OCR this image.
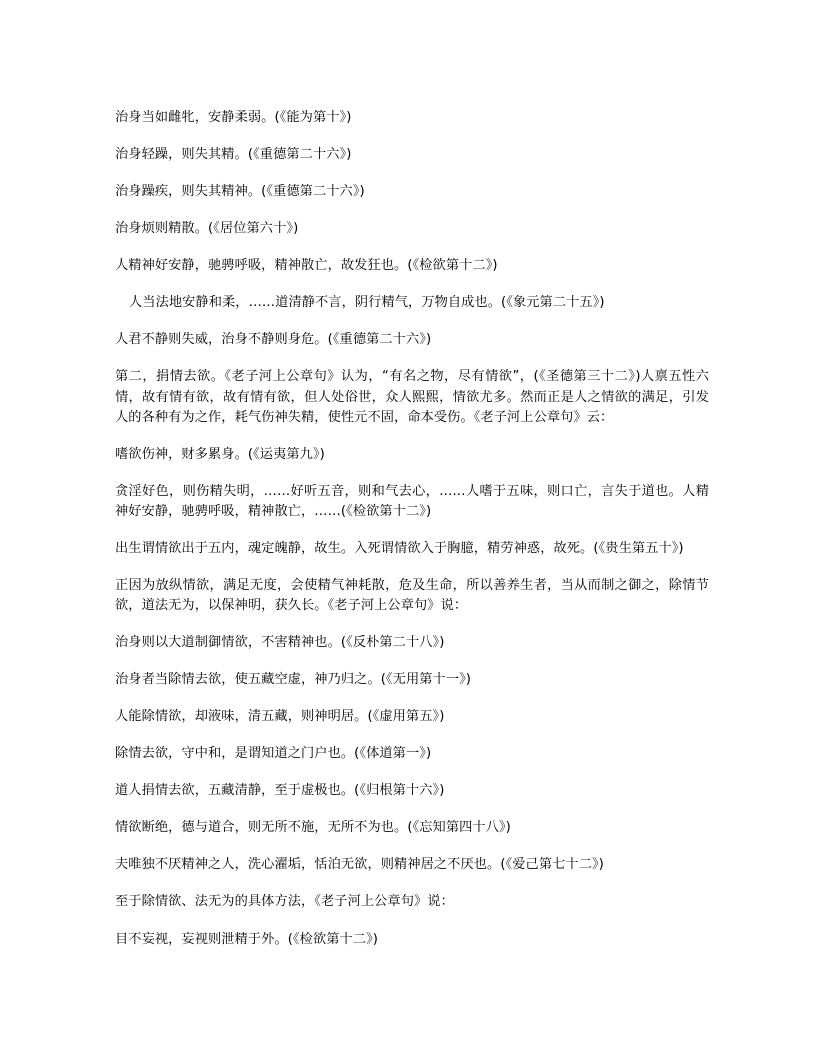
治身当如雌牝，安静柔弱。(《能为第十》)

治身轻躁，则失其精。(《重德第二十六》)

治身躁疾，则失其精神。(《重德第二十六》)

治身烦则精散。(《居位第六十》)

人精神好安静，驰骋呼吸，精神散亡，故发狂也。(《检欲第十二》)

人当法地安静和柔，……道清静不言，阴行精气，万物自成也。(《象元第二十五》)

人君不静则失威，治身不静则身危。(《重德第二十六》)

第二，捐情去欲。《老子河上公章句》认为，“有名之物，尽有情欲”，(《圣德第三十二》)人禀五性六情，故有情有欲，故有情有欲，但人处俗世，众人熙熙，情欲尤多。然而正是人之情欲的满足，引发人的各种有为之作，耗气伤神失精，使性元不固，命本受伤。《老子河上公章句》云：

嗜欲伤神，财多累身。(《运夷第九》)

贪淫好色，则伤精失明，……好听五音，则和气去心，……人嗜于五味，则口亡，言失于道也。人精神好安静，驰骋呼吸，精神散亡，……(《检欲第十二》)

出生谓情欲出于五内，魂定魄静，故生。入死谓情欲入于胸臆，精劳神惑，故死。(《贵生第五十》)

正因为放纵情欲，满足无度，会使精气神耗散，危及生命，所以善养生者，当从而制之御之，除情节欲，道法无为，以保神明，获久长。《老子河上公章句》说：

治身则以大道制御情欲，不害精神也。(《反朴第二十八》)

治身者当除情去欲，使五藏空虚，神乃归之。(《无用第十一》)

人能除情欲，却液味，清五藏，则神明居。(《虚用第五》)

除情去欲，守中和，是谓知道之门户也。(《体道第一》)

道人捐情去欲，五藏清静，至于虚极也。(《归根第十六》)

情欲断绝，德与道合，则无所不施，无所不为也。(《忘知第四十八》)

夫唯独不厌精神之人，洗心濯垢，恬泊无欲，则精神居之不厌也。(《爱己第七十二》)

至于除情欲、法无为的具体方法，《老子河上公章句》说：

目不妄视，妄视则泄精于外。(《检欲第十二》)
